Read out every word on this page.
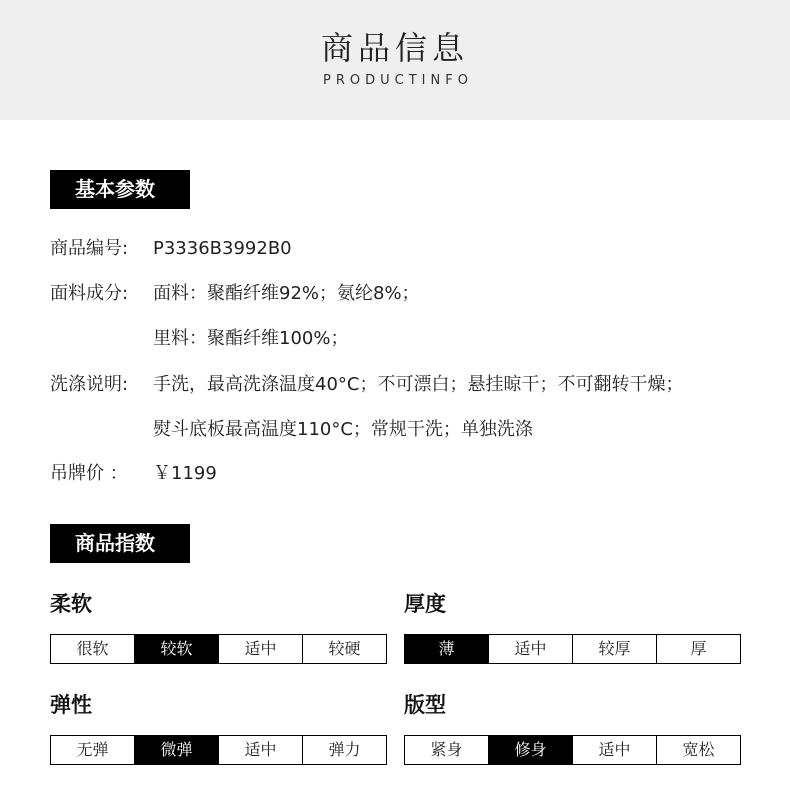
商品信息
PRODUCTINFO
基本参数
商品编号: P3336B3992B0
面料成分: 面料：聚酯纤维92%；氨纶8%；
里料：聚酯纤维100%；
洗涤说明: 手洗，最高洗涤温度40°C；不可漂白；悬挂晾干；不可翻转干燥；
熨斗底板最高温度110°C；常规干洗；单独洗涤
吊牌价 ： ￥1199
商品指数
柔软
很软	较软	适中	较硬
厚度
薄	适中	较厚	厚
弹性
无弹	微弹	适中	弹力
版型
紧身	修身	适中	宽松
